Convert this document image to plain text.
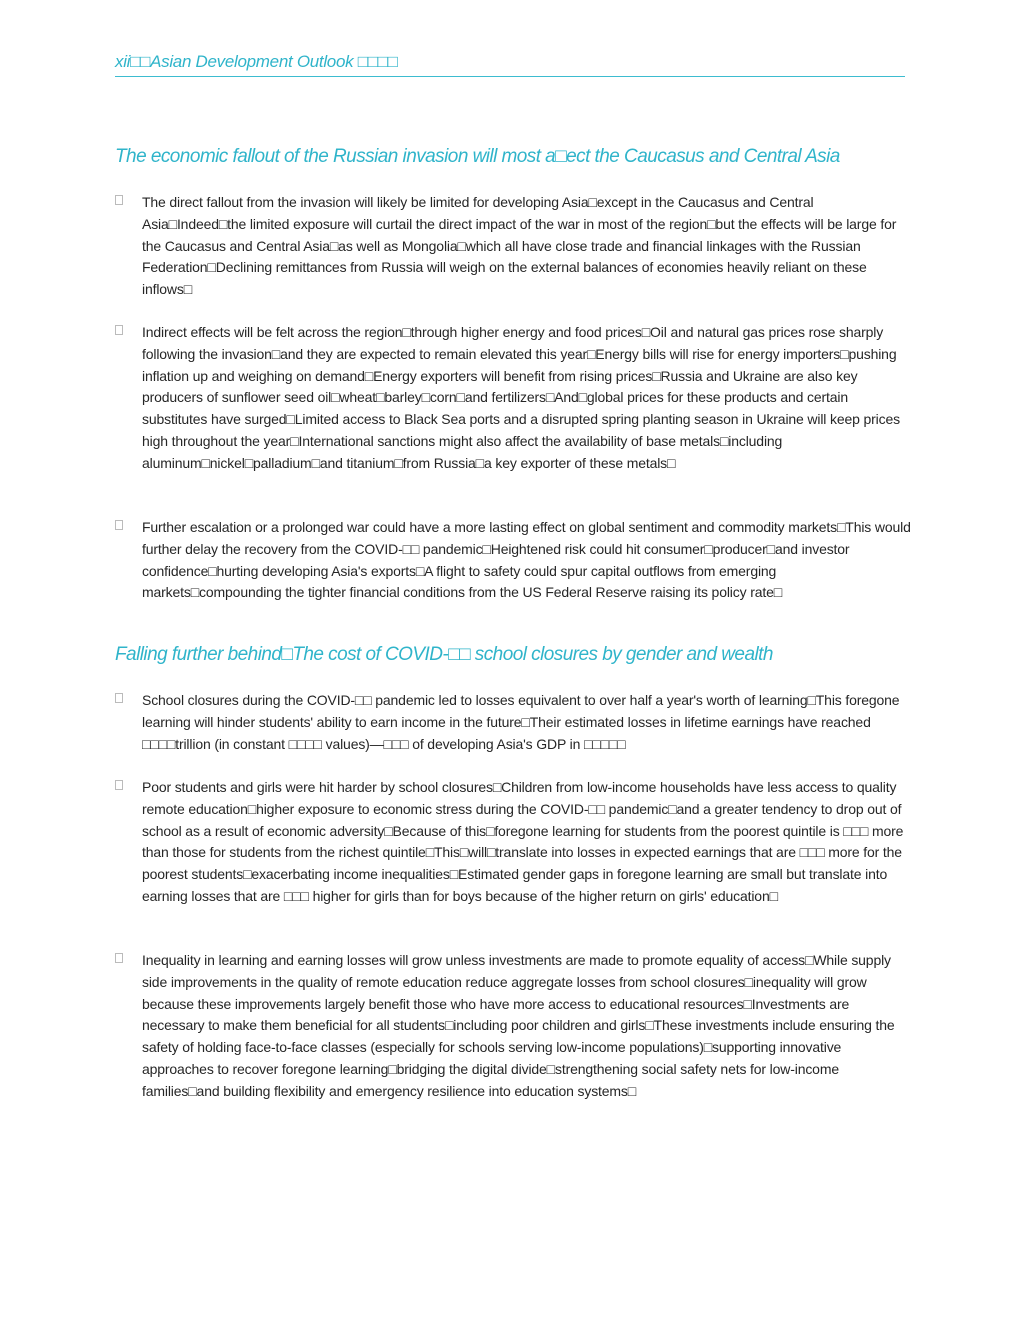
xii□□Asian Development Outlook □□□□
The economic fallout of the Russian invasion will most a□ect the Caucasus and Central Asia

The direct fallout from the invasion will likely be limited for developing Asia□except in the Caucasus and Central Asia□Indeed□the limited exposure will curtail the direct impact of the war in most of the region□but the effects will be large for the Caucasus and Central Asia□as well as Mongolia□which all have close trade and financial linkages with the Russian Federation□Declining remittances from Russia will weigh on the external balances of economies heavily reliant on these inflows□

Indirect effects will be felt across the region□through higher energy and food prices□Oil and natural gas prices rose sharply following the invasion□and they are expected to remain elevated this year□Energy bills will rise for energy importers□pushing inflation up and weighing on demand□Energy exporters will benefit from rising prices□Russia and Ukraine are also key producers of sunflower seed oil□wheat□barley□corn□and fertilizers□And□global prices for these products and certain substitutes have surged□Limited access to Black Sea ports and a disrupted spring planting season in Ukraine will keep prices high throughout the year□International sanctions might also affect the availability of base metals□including aluminum□nickel□palladium□and titanium□from Russia□a key exporter of these metals□

Further escalation or a prolonged war could have a more lasting effect on global sentiment and commodity markets□This would further delay the recovery from the COVID-□□ pandemic□Heightened risk could hit consumer□producer□and investor confidence□hurting developing Asia's exports□A flight to safety could spur capital outflows from emerging markets□compounding the tighter financial conditions from the US Federal Reserve raising its policy rate□

Falling further behind□The cost of COVID-□□ school closures by gender and wealth

School closures during the COVID-□□ pandemic led to losses equivalent to over half a year's worth of learning□This foregone learning will hinder students' ability to earn income in the future□Their estimated losses in lifetime earnings have reached □□□□trillion (in constant □□□□ values)—□□□ of developing Asia's GDP in □□□□□

Poor students and girls were hit harder by school closures□Children from low-income households have less access to quality remote education□higher exposure to economic stress during the COVID-□□ pandemic□and a greater tendency to drop out of school as a result of economic adversity□Because of this□foregone learning for students from the poorest quintile is □□□ more than those for students from the richest quintile□This□will□translate into losses in expected earnings that are □□□ more for the poorest students□exacerbating income inequalities□Estimated gender gaps in foregone learning are small but translate into earning losses that are □□□ higher for girls than for boys because of the higher return on girls' education□

Inequality in learning and earning losses will grow unless investments are made to promote equality of access□While supply side improvements in the quality of remote education reduce aggregate losses from school closures□inequality will grow because these improvements largely benefit those who have more access to educational resources□Investments are necessary to make them beneficial for all students□including poor children and girls□These investments include ensuring the safety of holding face-to-face classes (especially for schools serving low-income populations)□supporting innovative approaches to recover foregone learning□bridging the digital divide□strengthening social safety nets for low-income families□and building flexibility and emergency resilience into education systems□
